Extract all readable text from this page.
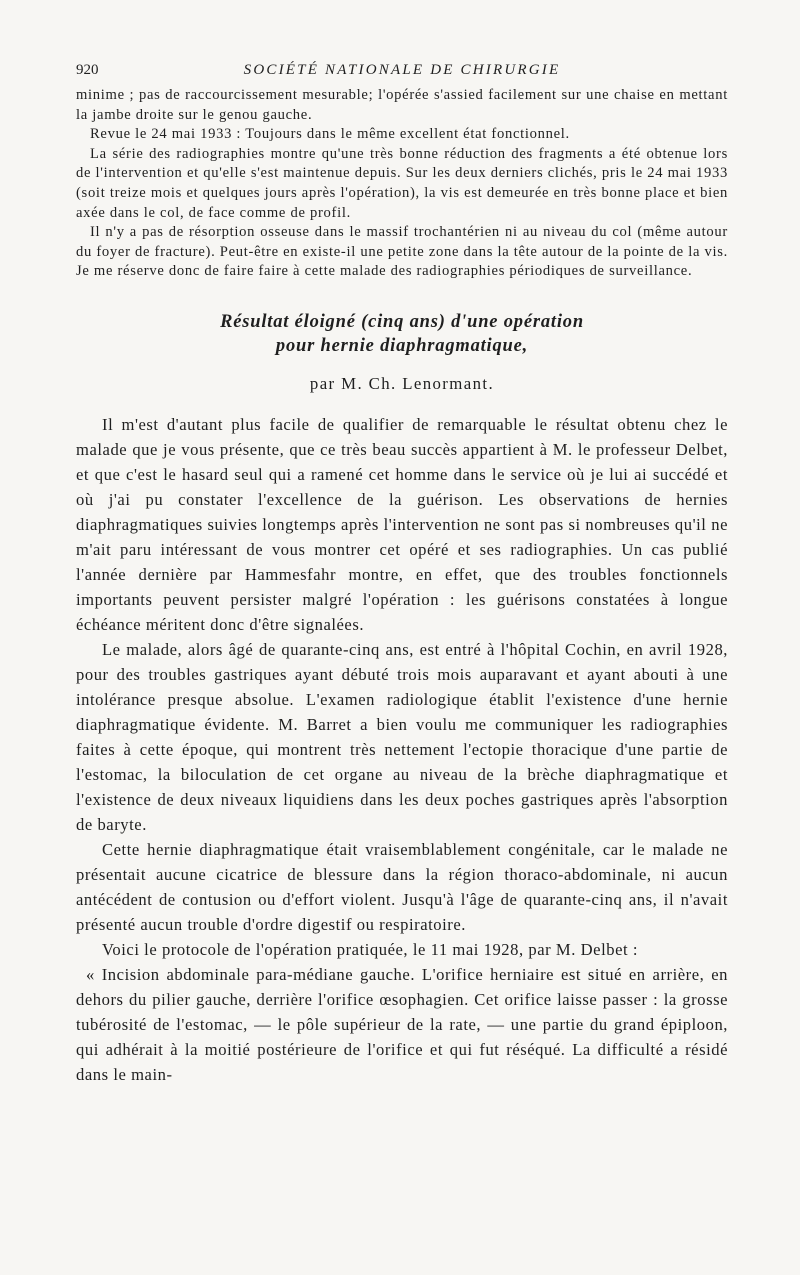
920	SOCIÉTÉ NATIONALE DE CHIRURGIE

minime ; pas de raccourcissement mesurable; l'opérée s'assied facilement sur une chaise en mettant la jambe droite sur le genou gauche.

Revue le 24 mai 1933 : Toujours dans le même excellent état fonctionnel.

La série des radiographies montre qu'une très bonne réduction des fragments a été obtenue lors de l'intervention et qu'elle s'est maintenue depuis. Sur les deux derniers clichés, pris le 24 mai 1933 (soit treize mois et quelques jours après l'opération), la vis est demeurée en très bonne place et bien axée dans le col, de face comme de profil.

Il n'y a pas de résorption osseuse dans le massif trochantérien ni au niveau du col (même autour du foyer de fracture). Peut-être en existe-il une petite zone dans la tête autour de la pointe de la vis. Je me réserve donc de faire faire à cette malade des radiographies périodiques de surveillance.

Résultat éloigné (cinq ans) d'une opération
pour hernie diaphragmatique,
par M. Ch. Lenormant.

Il m'est d'autant plus facile de qualifier de remarquable le résultat obtenu chez le malade que je vous présente, que ce très beau succès appartient à M. le professeur Delbet, et que c'est le hasard seul qui a ramené cet homme dans le service où je lui ai succédé et où j'ai pu constater l'excellence de la guérison. Les observations de hernies diaphragmatiques suivies longtemps après l'intervention ne sont pas si nombreuses qu'il ne m'ait paru intéressant de vous montrer cet opéré et ses radiographies. Un cas publié l'année dernière par Hammesfahr montre, en effet, que des troubles fonctionnels importants peuvent persister malgré l'opération : les guérisons constatées à longue échéance méritent donc d'être signalées.

Le malade, alors âgé de quarante-cinq ans, est entré à l'hôpital Cochin, en avril 1928, pour des troubles gastriques ayant débuté trois mois auparavant et ayant abouti à une intolérance presque absolue. L'examen radiologique établit l'existence d'une hernie diaphragmatique évidente. M. Barret a bien voulu me communiquer les radiographies faites à cette époque, qui montrent très nettement l'ectopie thoracique d'une partie de l'estomac, la biloculation de cet organe au niveau de la brèche diaphragmatique et l'existence de deux niveaux liquidiens dans les deux poches gastriques après l'absorption de baryte.

Cette hernie diaphragmatique était vraisemblablement congénitale, car le malade ne présentait aucune cicatrice de blessure dans la région thoraco-abdominale, ni aucun antécédent de contusion ou d'effort violent. Jusqu'à l'âge de quarante-cinq ans, il n'avait présenté aucun trouble d'ordre digestif ou respiratoire.

Voici le protocole de l'opération pratiquée, le 11 mai 1928, par M. Delbet :

« Incision abdominale para-médiane gauche. L'orifice herniaire est situé en arrière, en dehors du pilier gauche, derrière l'orifice œsophagien. Cet orifice laisse passer : la grosse tubérosité de l'estomac, — le pôle supérieur de la rate, — une partie du grand épiploon, qui adhérait à la moitié postérieure de l'orifice et qui fut réséqué. La difficulté a résidé dans le main-
